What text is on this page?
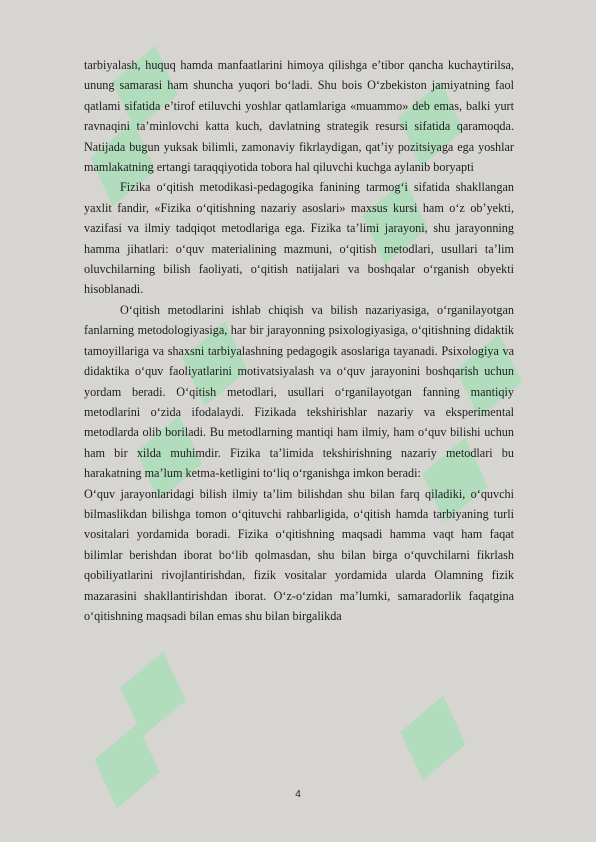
tarbiyalash, huquq hamda manfaatlarini himoya qilishga e’tibor qancha kuchaytirilsa, unung samarasi ham shuncha yuqori bo‘ladi. Shu bois O‘zbekiston jamiyatning faol qatlami sifatida e’tirof etiluvchi yoshlar qatlamlariga «muammo» deb emas, balki yurt ravnaqini ta’minlovchi katta kuch, davlatning strategik resursi sifatida qaramoqda. Natijada bugun yuksak bilimli, zamonaviy fikrlaydigan, qat’iy pozitsiyaga ega yoshlar mamlakatning ertangi taraqqiyotida tobora hal qiluvchi kuchga aylanib boryapti

Fizika o‘qitish metodikasi-pedagogika fanining tarmog‘i sifatida shakllangan yaxlit fandir, «Fizika o‘qitishning nazariy asoslari» maxsus kursi ham o‘z ob’yekti, vazifasi va ilmiy tadqiqot metodlariga ega. Fizika ta’limi jarayoni, shu jarayonning hamma jihatlari: o‘quv materialining mazmuni, o‘qitish metodlari, usullari ta’lim oluvchilarning bilish faoliyati, o‘qitish natijalari va boshqalar o‘rganish obyekti hisoblanadi.

O‘qitish metodlarini ishlab chiqish va bilish nazariyasiga, o‘rganilayotgan fanlarning metodologiyasiga, har bir jarayonning psixologiyasiga, o‘qitishning didaktik tamoyillariga va shaxsni tarbiyalashning pedagogik asoslariga tayanadi. Psixologiya va didaktika o‘quv faoliyatlarini motivatsiyalash va o‘quv jarayonini boshqarish uchun yordam beradi. O‘qitish metodlari, usullari o‘rganilayotgan fanning mantiqiy metodlarini o‘zida ifodalaydi. Fizikada tekshirishlar nazariy va eksperimental metodlarda olib boriladi. Bu metodlarning mantiqi ham ilmiy, ham o‘quv bilishi uchun ham bir xilda muhimdir. Fizika ta’limida tekshirishning nazariy metodlari bu harakatning ma’lum ketma-ketligini to‘liq o‘rganishga imkon beradi:

O‘quv jarayonlaridagi bilish ilmiy ta’lim bilishdan shu bilan farq qiladiki, o‘quvchi bilmaslikdan bilishga tomon o‘qituvchi rahbarligida, o‘qitish hamda tarbiyaning turli vositalari yordamida boradi. Fizika o‘qitishning maqsadi hamma vaqt ham faqat bilimlar berishdan iborat bo‘lib qolmasdan, shu bilan birga o‘quvchilarni fikrlash qobiliyatlarini rivojlantirishdan, fizik vositalar yordamida ularda Olamning fizik mazarasini shakllantirishdan iborat. O‘z-o‘zidan ma’lumki, samaradorlik faqatgina o‘qitishning maqsadi bilan emas shu bilan birgalikda

4
